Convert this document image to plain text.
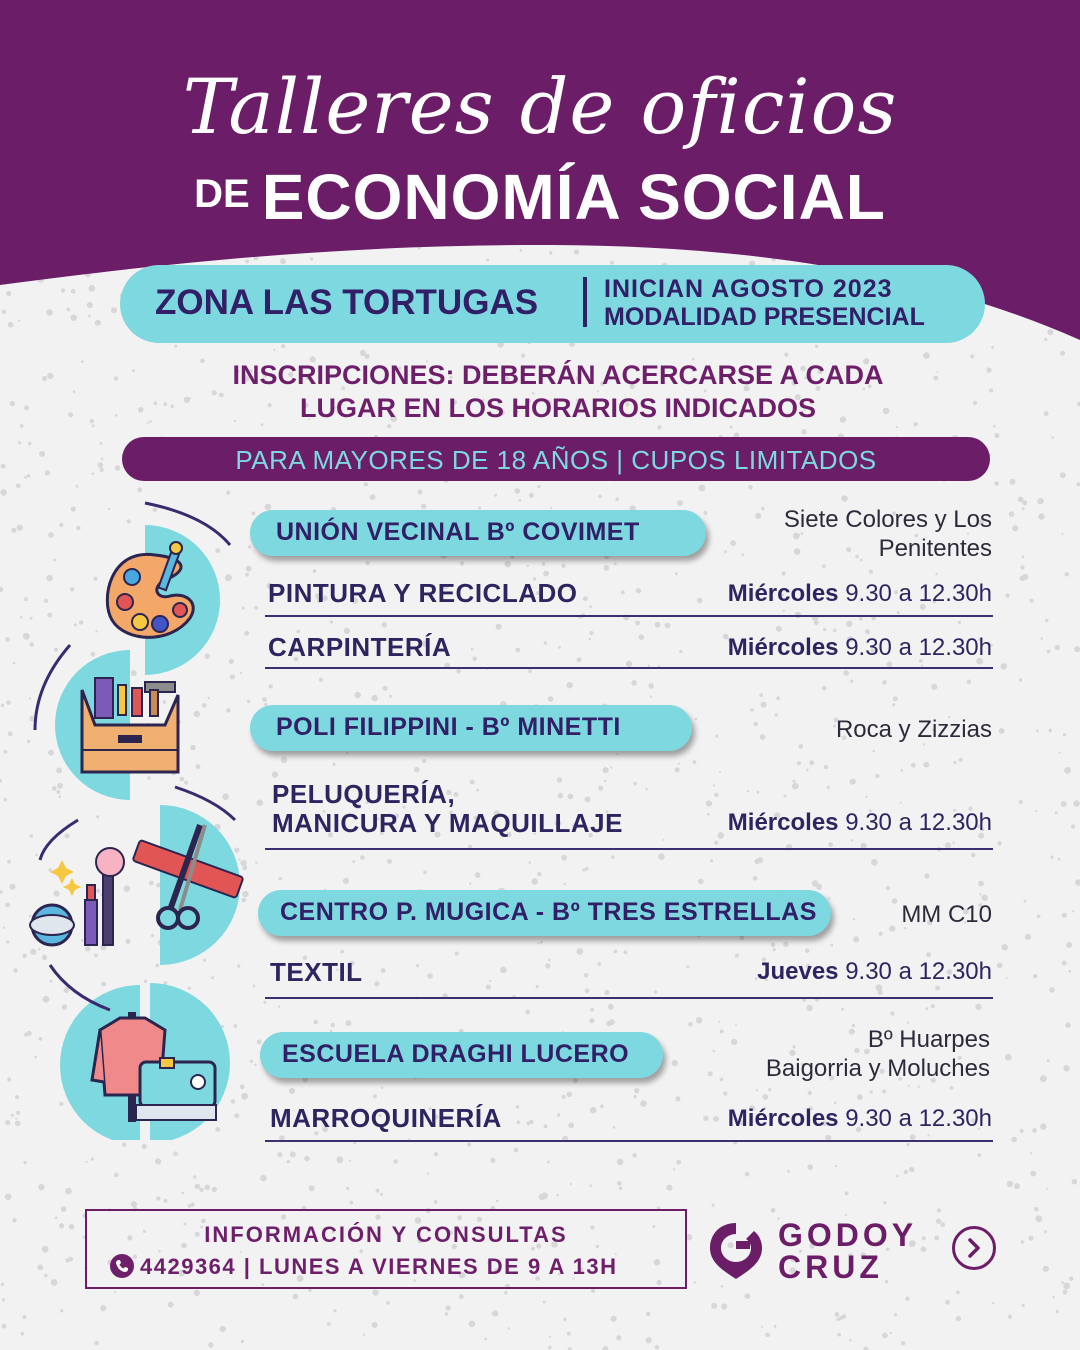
Talleres de oficios
DE ECONOMÍA SOCIAL
ZONA LAS TORTUGAS	INICIAN AGOSTO 2023
MODALIDAD PRESENCIAL
INSCRIPCIONES: DEBERÁN ACERCARSE A CADA
LUGAR EN LOS HORARIOS INDICADOS
PARA MAYORES DE 18 AÑOS | CUPOS LIMITADOS
UNIÓN VECINAL Bº COVIMET	Siete Colores y Los
Penitentes
PINTURA Y RECICLADO	Miércoles 9.30 a 12.30h
CARPINTERÍA	Miércoles 9.30 a 12.30h
POLI FILIPPINI - Bº MINETTI	Roca y Zizzias
PELUQUERÍA,
MANICURA Y MAQUILLAJE	Miércoles 9.30 a 12.30h
CENTRO P. MUGICA - Bº TRES ESTRELLAS	MM C10
TEXTIL	Jueves 9.30 a 12.30h
ESCUELA DRAGHI LUCERO
Bº Huarpes
Baigorria y Moluches
MARROQUINERÍA	Miércoles 9.30 a 12.30h
INFORMACIÓN Y CONSULTAS
4429364 | LUNES A VIERNES DE 9 A 13H
GODOY
CRUZ
